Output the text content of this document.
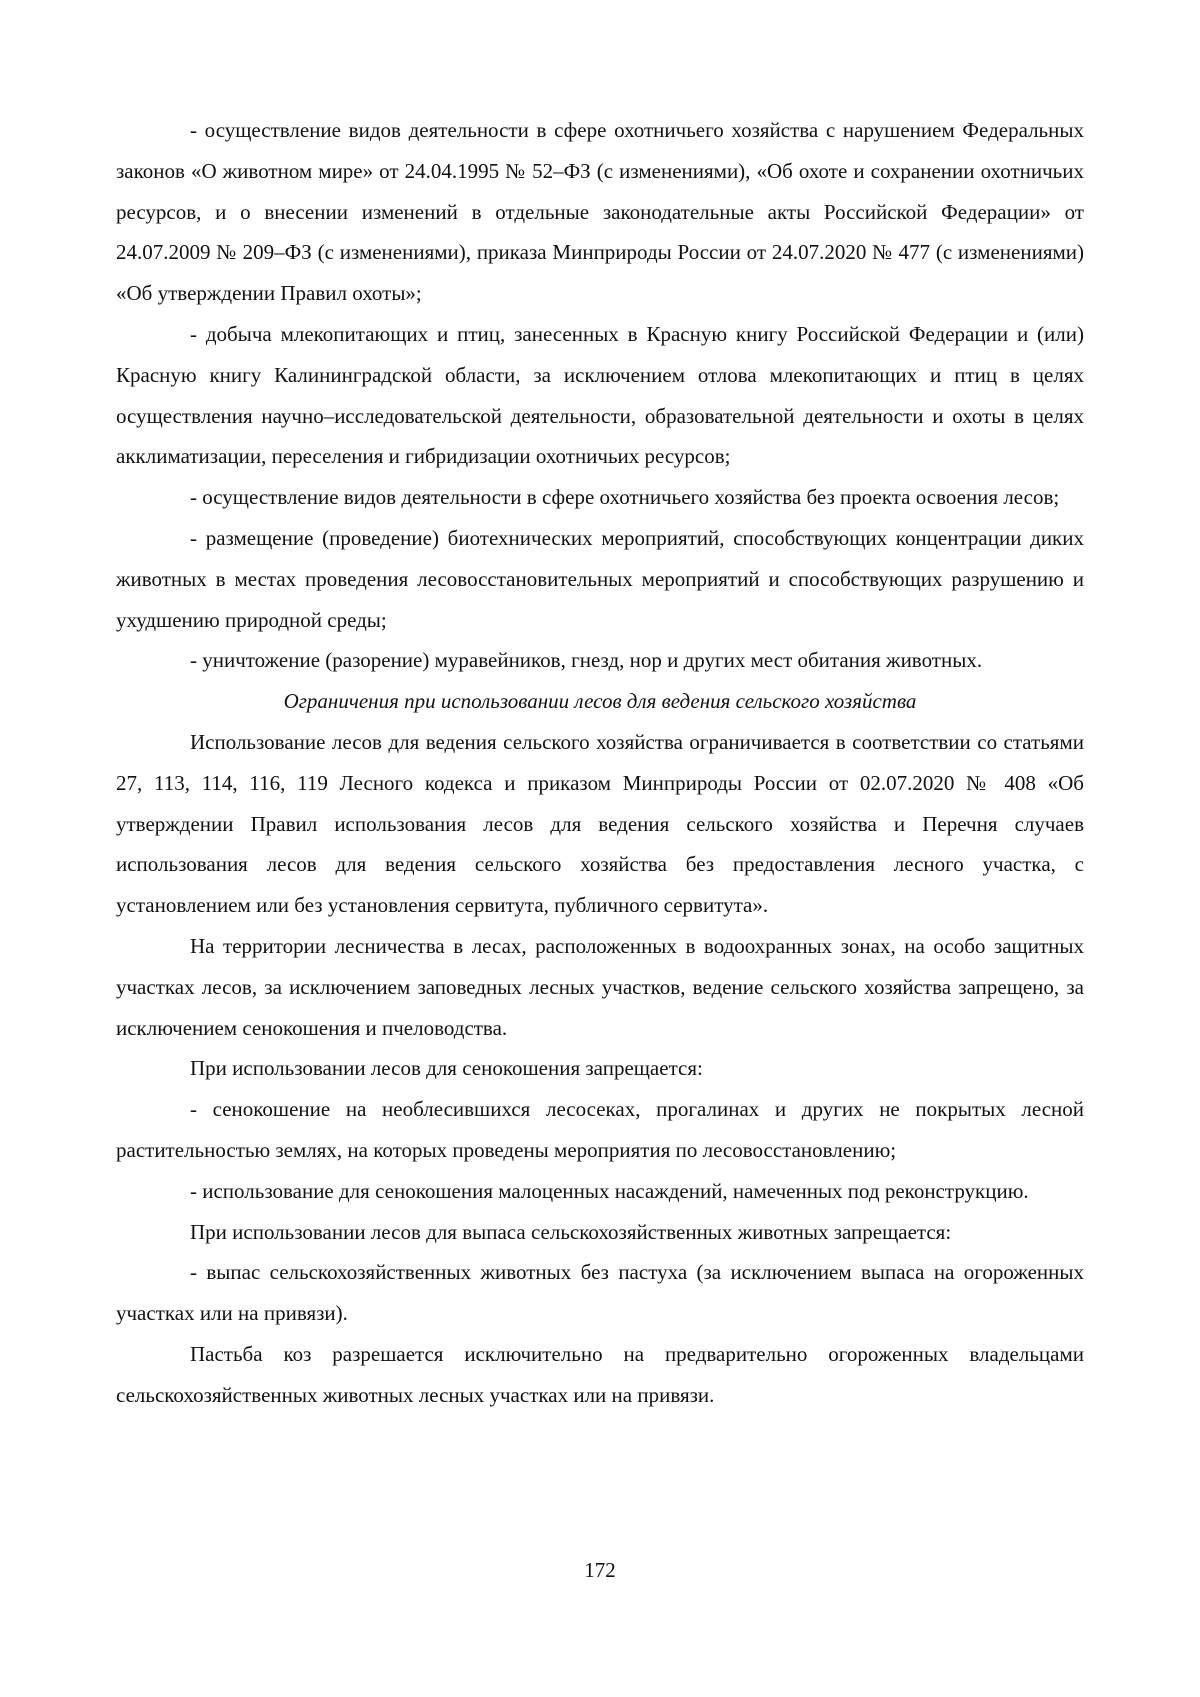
- осуществление видов деятельности в сфере охотничьего хозяйства с нарушением Федеральных законов «О животном мире» от 24.04.1995 № 52–ФЗ (с изменениями), «Об охоте и сохранении охотничьих ресурсов, и о внесении изменений в отдельные законодательные акты Российской Федерации» от 24.07.2009 № 209–ФЗ (с изменениями), приказа Минприроды России от 24.07.2020 № 477 (с изменениями) «Об утверждении Правил охоты»;

- добыча млекопитающих и птиц, занесенных в Красную книгу Российской Федерации и (или) Красную книгу Калининградской области, за исключением отлова млекопитающих и птиц в целях осуществления научно–исследовательской деятельности, образовательной деятельности и охоты в целях акклиматизации, переселения и гибридизации охотничьих ресурсов;

- осуществление видов деятельности в сфере охотничьего хозяйства без проекта освоения лесов;

- размещение (проведение) биотехнических мероприятий, способствующих концентрации диких животных в местах проведения лесовосстановительных мероприятий и способствующих разрушению и ухудшению природной среды;

- уничтожение (разорение) муравейников, гнезд, нор и других мест обитания животных.

Ограничения при использовании лесов для ведения сельского хозяйства

Использование лесов для ведения сельского хозяйства ограничивается в соответствии со статьями 27, 113, 114, 116, 119 Лесного кодекса и приказом Минприроды России от 02.07.2020 № 408 «Об утверждении Правил использования лесов для ведения сельского хозяйства и Перечня случаев использования лесов для ведения сельского хозяйства без предоставления лесного участка, с установлением или без установления сервитута, публичного сервитута».

На территории лесничества в лесах, расположенных в водоохранных зонах, на особо защитных участках лесов, за исключением заповедных лесных участков, ведение сельского хозяйства запрещено, за исключением сенокошения и пчеловодства.

При использовании лесов для сенокошения запрещается:

- сенокошение на необлесившихся лесосеках, прогалинах и других не покрытых лесной растительностью землях, на которых проведены мероприятия по лесовосстановлению;

- использование для сенокошения малоценных насаждений, намеченных под реконструкцию.

При использовании лесов для выпаса сельскохозяйственных животных запрещается:

- выпас сельскохозяйственных животных без пастуха (за исключением выпаса на огороженных участках или на привязи).

Пастьба коз разрешается исключительно на предварительно огороженных владельцами сельскохозяйственных животных лесных участках или на привязи.

172
